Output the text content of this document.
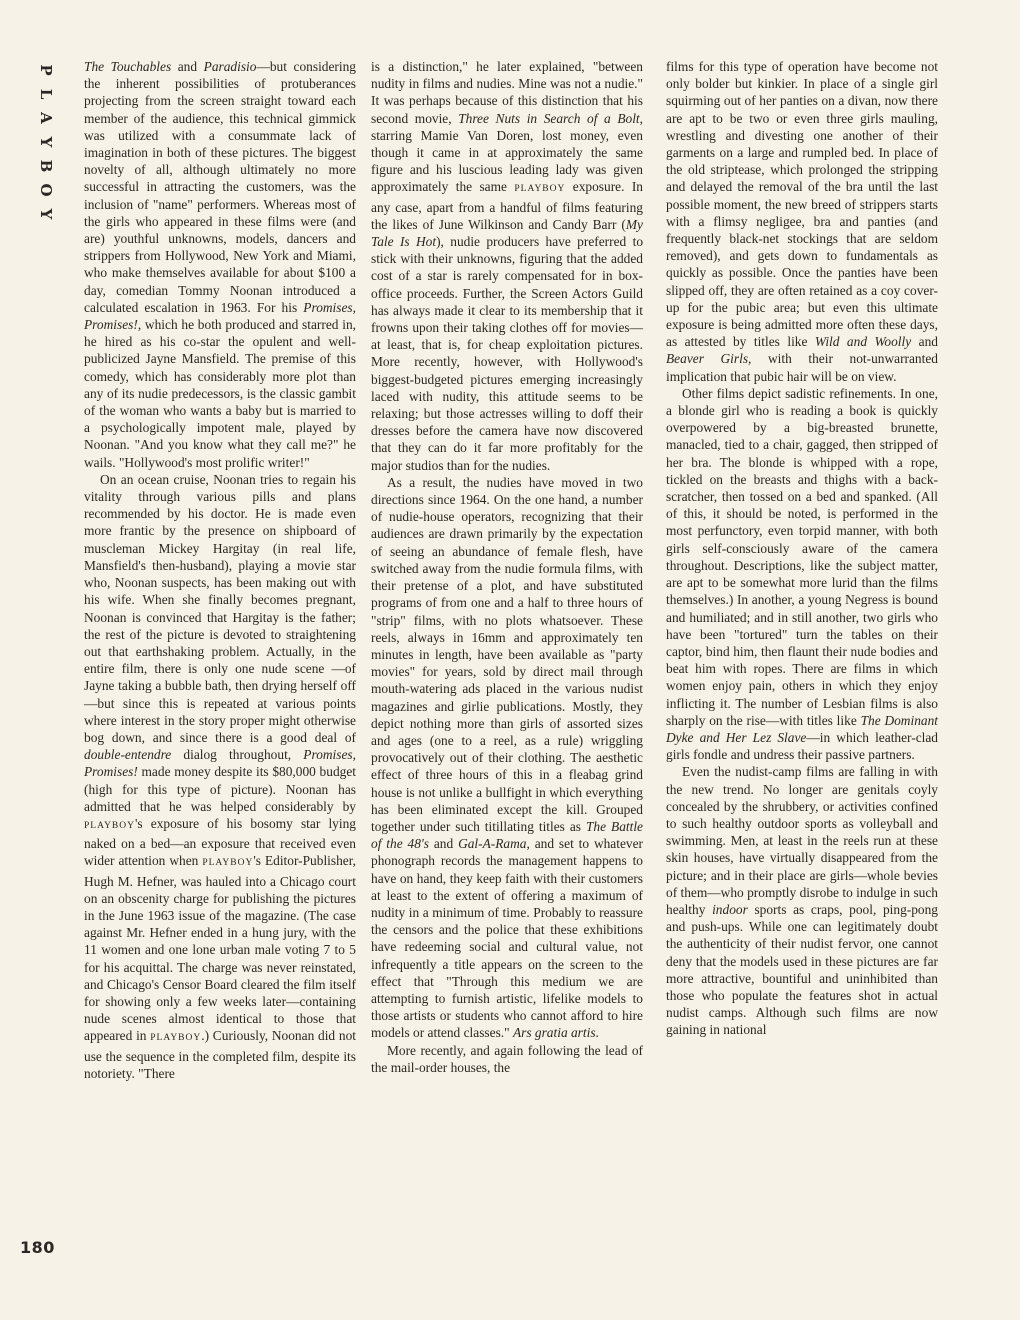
P
L
A
Y
B
O
Y

The Touchables and Paradisio—but considering the inherent possibilities of protuberances projecting from the screen straight toward each member of the audience, this technical gimmick was utilized with a consummate lack of imagination in both of these pictures. The biggest novelty of all, although ultimately no more successful in attracting the customers, was the inclusion of "name" performers. Whereas most of the girls who appeared in these films were (and are) youthful unknowns, models, dancers and strippers from Hollywood, New York and Miami, who make themselves available for about $100 a day, comedian Tommy Noonan introduced a calculated escalation in 1963. For his Promises, Promises!, which he both produced and starred in, he hired as his co-star the opulent and well-publicized Jayne Mansfield. The premise of this comedy, which has considerably more plot than any of its nudie predecessors, is the classic gambit of the woman who wants a baby but is married to a psychologically impotent male, played by Noonan. "And you know what they call me?" he wails. "Hollywood's most prolific writer!"

On an ocean cruise, Noonan tries to regain his vitality through various pills and plans recommended by his doctor. He is made even more frantic by the presence on shipboard of muscleman Mickey Hargitay (in real life, Mansfield's then-husband), playing a movie star who, Noonan suspects, has been making out with his wife. When she finally becomes pregnant, Noonan is convinced that Hargitay is the father; the rest of the picture is devoted to straightening out that earthshaking problem. Actually, in the entire film, there is only one nude scene —of Jayne taking a bubble bath, then drying herself off—but since this is repeated at various points where interest in the story proper might otherwise bog down, and since there is a good deal of double-entendre dialog throughout, Promises, Promises! made money despite its $80,000 budget (high for this type of picture). Noonan has admitted that he was helped considerably by PLAYBOY's exposure of his bosomy star lying naked on a bed—an exposure that received even wider attention when PLAYBOY's Editor-Publisher, Hugh M. Hefner, was hauled into a Chicago court on an obscenity charge for publishing the pictures in the June 1963 issue of the magazine. (The case against Mr. Hefner ended in a hung jury, with the 11 women and one lone urban male voting 7 to 5 for his acquittal. The charge was never reinstated, and Chicago's Censor Board cleared the film itself for showing only a few weeks later—containing nude scenes almost identical to those that appeared in PLAYBOY.) Curiously, Noonan did not use the sequence in the completed film, despite its notoriety. "There

is a distinction," he later explained, "between nudity in films and nudies. Mine was not a nudie." It was perhaps because of this distinction that his second movie, Three Nuts in Search of a Bolt, starring Mamie Van Doren, lost money, even though it came in at approximately the same figure and his luscious leading lady was given approximately the same PLAYBOY exposure. In any case, apart from a handful of films featuring the likes of June Wilkinson and Candy Barr (My Tale Is Hot), nudie producers have preferred to stick with their unknowns, figuring that the added cost of a star is rarely compensated for in box-office proceeds. Further, the Screen Actors Guild has always made it clear to its membership that it frowns upon their taking clothes off for movies—at least, that is, for cheap exploitation pictures. More recently, however, with Hollywood's biggest-budgeted pictures emerging increasingly laced with nudity, this attitude seems to be relaxing; but those actresses willing to doff their dresses before the camera have now discovered that they can do it far more profitably for the major studios than for the nudies.

As a result, the nudies have moved in two directions since 1964. On the one hand, a number of nudie-house operators, recognizing that their audiences are drawn primarily by the expectation of seeing an abundance of female flesh, have switched away from the nudie formula films, with their pretense of a plot, and have substituted programs of from one and a half to three hours of "strip" films, with no plots whatsoever. These reels, always in 16mm and approximately ten minutes in length, have been available as "party movies" for years, sold by direct mail through mouth-watering ads placed in the various nudist magazines and girlie publications. Mostly, they depict nothing more than girls of assorted sizes and ages (one to a reel, as a rule) wriggling provocatively out of their clothing. The aesthetic effect of three hours of this in a fleabag grind house is not unlike a bullfight in which everything has been eliminated except the kill. Grouped together under such titillating titles as The Battle of the 48's and Gal-A-Rama, and set to whatever phonograph records the management happens to have on hand, they keep faith with their customers at least to the extent of offering a maximum of nudity in a minimum of time. Probably to reassure the censors and the police that these exhibitions have redeeming social and cultural value, not infrequently a title appears on the screen to the effect that "Through this medium we are attempting to furnish artistic, lifelike models to those artists or students who cannot afford to hire models or attend classes." Ars gratia artis.

More recently, and again following the lead of the mail-order houses, the

films for this type of operation have become not only bolder but kinkier. In place of a single girl squirming out of her panties on a divan, now there are apt to be two or even three girls mauling, wrestling and divesting one another of their garments on a large and rumpled bed. In place of the old striptease, which prolonged the stripping and delayed the removal of the bra until the last possible moment, the new breed of strippers starts with a flimsy negligee, bra and panties (and frequently black-net stockings that are seldom removed), and gets down to fundamentals as quickly as possible. Once the panties have been slipped off, they are often retained as a coy cover-up for the pubic area; but even this ultimate exposure is being admitted more often these days, as attested by titles like Wild and Woolly and Beaver Girls, with their not-unwarranted implication that pubic hair will be on view.

Other films depict sadistic refinements. In one, a blonde girl who is reading a book is quickly overpowered by a big-breasted brunette, manacled, tied to a chair, gagged, then stripped of her bra. The blonde is whipped with a rope, tickled on the breasts and thighs with a back-scratcher, then tossed on a bed and spanked. (All of this, it should be noted, is performed in the most perfunctory, even torpid manner, with both girls self-consciously aware of the camera throughout. Descriptions, like the subject matter, are apt to be somewhat more lurid than the films themselves.) In another, a young Negress is bound and humiliated; and in still another, two girls who have been "tortured" turn the tables on their captor, bind him, then flaunt their nude bodies and beat him with ropes. There are films in which women enjoy pain, others in which they enjoy inflicting it. The number of Lesbian films is also sharply on the rise—with titles like The Dominant Dyke and Her Lez Slave—in which leather-clad girls fondle and undress their passive partners.

Even the nudist-camp films are falling in with the new trend. No longer are genitals coyly concealed by the shrubbery, or activities confined to such healthy outdoor sports as volleyball and swimming. Men, at least in the reels run at these skin houses, have virtually disappeared from the picture; and in their place are girls—whole bevies of them—who promptly disrobe to indulge in such healthy indoor sports as craps, pool, ping-pong and push-ups. While one can legitimately doubt the authenticity of their nudist fervor, one cannot deny that the models used in these pictures are far more attractive, bountiful and uninhibited than those who populate the features shot in actual nudist camps. Although such films are now gaining in national

180
